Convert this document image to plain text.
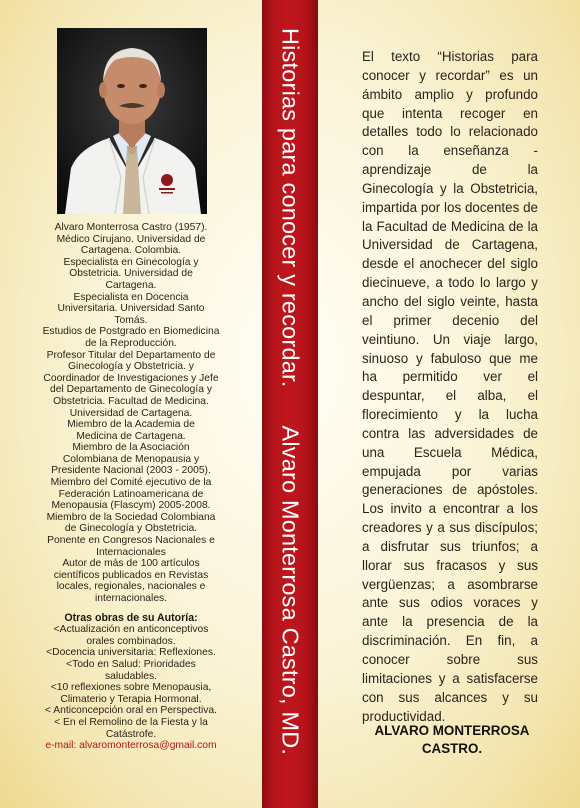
Alvaro Monterrosa Castro (1957).
Médico Cirujano. Universidad de
Cartagena. Colombia.
Especialista en Ginecología y
Obstetricia. Universidad de
Cartagena.
Especialista en Docencia
Universitaria. Universidad Santo
Tomás.
Estudios de Postgrado en Biomedicina
de la Reproducción.
Profesor Titular del Departamento de
Ginecología y Obstetricia. y
Coordinador de Investigaciones y Jefe
del Departamento de Ginecología y
Obstetricia. Facultad de Medicina.
Universidad de Cartagena.
Miembro de la Academia de
Medicina de Cartagena.
Miembro de la Asociación
Colombiana de Menopausia y
Presidente Nacional (2003 - 2005).
Miembro del Comité ejecutivo de la
Federación Latinoamericana de
Menopausia (Flascym) 2005-2008.
Miembro de la Sociedad Colombiana
de Ginecología y Obstetricia.
Ponente en Congresos Nacionales e
Internacionales
Autor de más de 100 artículos
científicos publicados en Revistas
locales, regionales, nacionales e
internacionales.
Otras obras de su Autoría:
<Actualización en anticonceptivos
orales combinados.
<Docencia universitaria: Reflexiones.
<Todo en Salud: Prioridades
saludables.
<10 reflexiones sobre Menopausia,
Climaterio y Terapia Hormonal.
< Anticoncepción oral en Perspectiva.
< En el Remolino de la Fiesta y la
Catástrofe.
e-mail: alvaromonterrosa@gmail.com
Historias para conocer y recordar.Alvaro Monterrosa Castro, MD.

El texto “Historias para conocer y recordar” es un ámbito amplio y profundo que intenta recoger en detalles todo lo relacionado con la enseñanza - aprendizaje de la Ginecología y la Obstetricia, impartida por los docentes de la Facultad de Medicina de la Universidad de Cartagena, desde el anochecer del siglo diecinueve, a todo lo largo y ancho del siglo veinte, hasta el primer decenio del veintiuno. Un viaje largo, sinuoso y fabuloso que me ha permitido ver el despuntar, el alba, el florecimiento y la lucha contra las adversidades de una Escuela Médica, empujada por varias generaciones de apóstoles. Los invito a encontrar a los creadores y a sus discípulos; a disfrutar sus triunfos; a llorar sus fracasos y sus vergüenzas; a asombrarse ante sus odios voraces y ante la presencia de la discriminación. En fin, a conocer sobre sus limitaciones y a satisfacerse con sus alcances y su productividad.

ALVARO MONTERROSA
CASTRO.
